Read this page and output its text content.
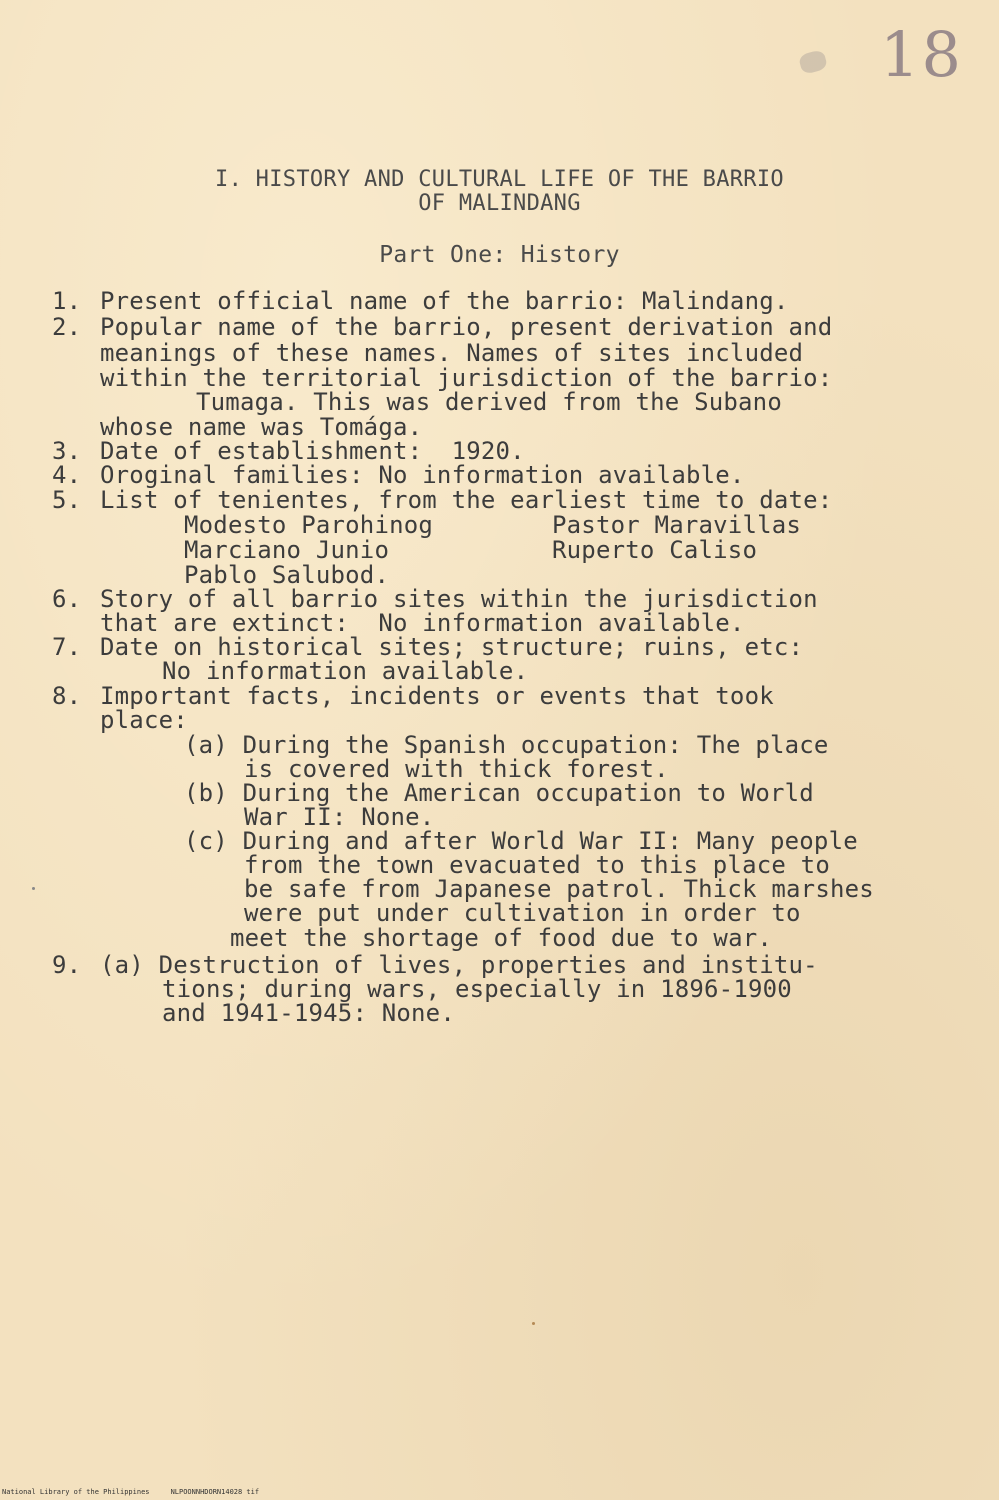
18
I. HISTORY AND CULTURAL LIFE OF THE BARRIO
OF MALINDANG
Part One: History
1. Present official name of the barrio: Malindang.
2. Popular name of the barrio, present derivation and
meanings of these names. Names of sites included
within the territorial jurisdiction of the barrio:
Tumaga. This was derived from the Subano
whose name was Tomága.
3. Date of establishment:  1920.
4. Oroginal families: No information available.
5. List of tenientes, from the earliest time to date:
Modesto Parohinog	Pastor Maravillas
Marciano Junio	Ruperto Caliso
Pablo Salubod.
6. Story of all barrio sites within the jurisdiction
that are extinct:  No information available.
7. Date on historical sites; structure; ruins, etc:
No information available.
8. Important facts, incidents or events that took
place:
(a) During the Spanish occupation: The place
is covered with thick forest.
(b) During the American occupation to World
War II: None.
(c) During and after World War II: Many people
from the town evacuated to this place to
be safe from Japanese patrol. Thick marshes
were put under cultivation in order to
meet the shortage of food due to war.
9. (a) Destruction of lives, properties and institu-
tions; during wars, especially in 1896-1900
and 1941-1945: None.
National Library of the Philippines     NLPOONNHDORN14028 tif
